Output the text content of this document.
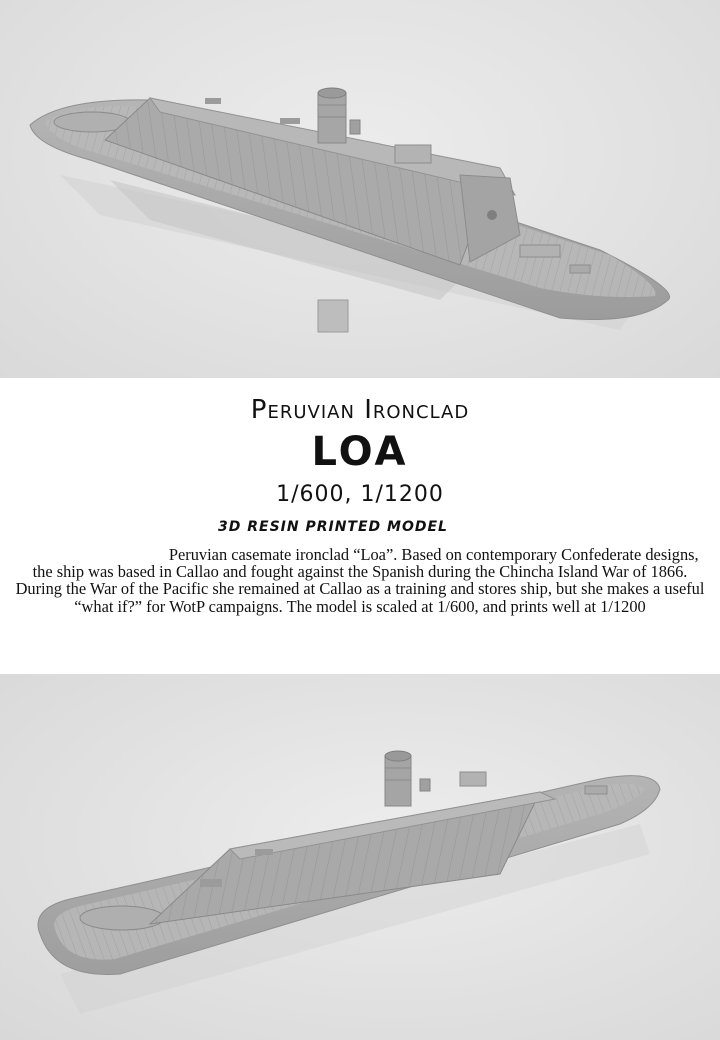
Peruvian Ironclad
LOA
1/600, 1/1200
3D RESIN PRINTED MODEL

Peruvian casemate ironclad “Loa”. Based on contemporary Confederate designs, the ship was based in Callao and fought against the Spanish during the Chincha Island War of 1866. During the War of the Pacific she remained at Callao as a training and stores ship, but she makes a useful “what if?” for WotP campaigns. The model is scaled at 1/600, and prints well at 1/1200
